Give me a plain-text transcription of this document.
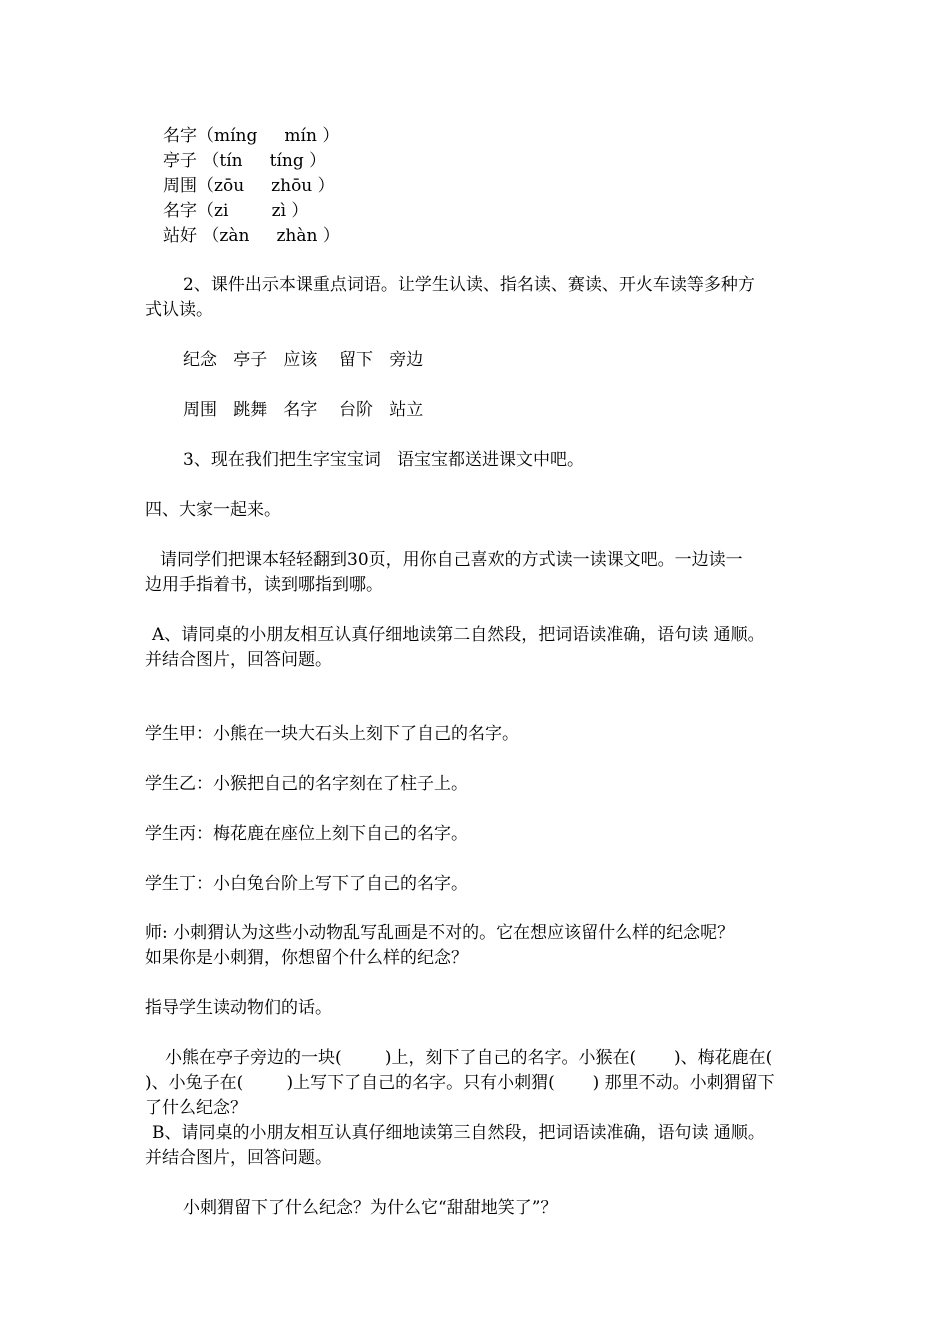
名字（míng     mín ）
亭子 （tín     tíng ）
周围（zōu     zhōu ）
名字（zi        zì ）
站好 （zàn     zhàn ）
2、课件出示本课重点词语。让学生认读、指名读、赛读、开火车读等多种方
式认读。
纪念   亭子   应该    留下   旁边
周围   跳舞   名字    台阶   站立
3、现在我们把生字宝宝词   语宝宝都送进课文中吧。
四、大家一起来。
请同学们把课本轻轻翻到30页，用你自己喜欢的方式读一读课文吧。一边读一
边用手指着书，读到哪指到哪。
A、请同桌的小朋友相互认真仔细地读第二自然段，把词语读准确，语句读 通顺。
并结合图片，回答问题。
学生甲：小熊在一块大石头上刻下了自己的名字。
学生乙：小猴把自己的名字刻在了柱子上。
学生丙：梅花鹿在座位上刻下自己的名字。
学生丁：小白兔台阶上写下了自己的名字。
师: 小刺猬认为这些小动物乱写乱画是不对的。它在想应该留什么样的纪念呢？
如果你是小刺猬，你想留个什么样的纪念？
指导学生读动物们的话。
小熊在亭子旁边的一块(        )上，刻下了自己的名字。小猴在(       )、梅花鹿在(
)、小兔子在(        )上写下了自己的名字。只有小刺猬(       ) 那里不动。小刺猬留下
了什么纪念？
B、请同桌的小朋友相互认真仔细地读第三自然段，把词语读准确，语句读 通顺。
并结合图片，回答问题。
小刺猬留下了什么纪念？为什么它“甜甜地笑了”？
